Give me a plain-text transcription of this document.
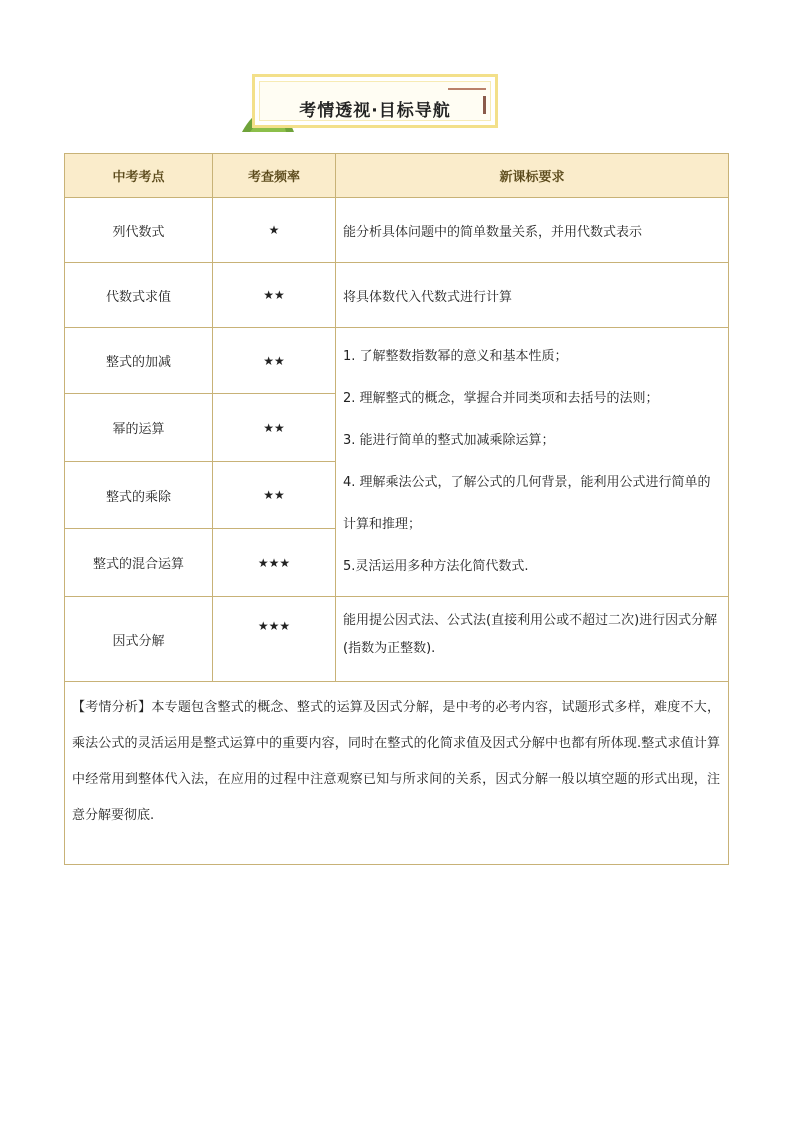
考情透视·目标导航
中考考点	考查频率	新课标要求
列代数式	★	能分析具体问题中的简单数量关系，并用代数式表示
代数式求值	★★	将具体数代入代数式进行计算
整式的加减	★★	1. 了解整数指数幂的意义和基本性质；
2. 理解整式的概念，掌握合并同类项和去括号的法则；
3. 能进行简单的整式加减乘除运算；
4. 理解乘法公式，了解公式的几何背景，能利用公式进行简单的计算和推理；
5.灵活运用多种方法化简代数式.

幂的运算	★★	
整式的乘除	★★	
整式的混合运算	★★★	
因式分解	★★★	能用提公因式法、公式法(直接利用公或不超过二次)进行因式分解(指数为正整数).
【考情分析】本专题包含整式的概念、整式的运算及因式分解，是中考的必考内容，试题形式多样，难度不大，乘法公式的灵活运用是整式运算中的重要内容，同时在整式的化简求值及因式分解中也都有所体现.整式求值计算中经常用到整体代入法，在应用的过程中注意观察已知与所求间的关系，因式分解一般以填空题的形式出现，注意分解要彻底.		
